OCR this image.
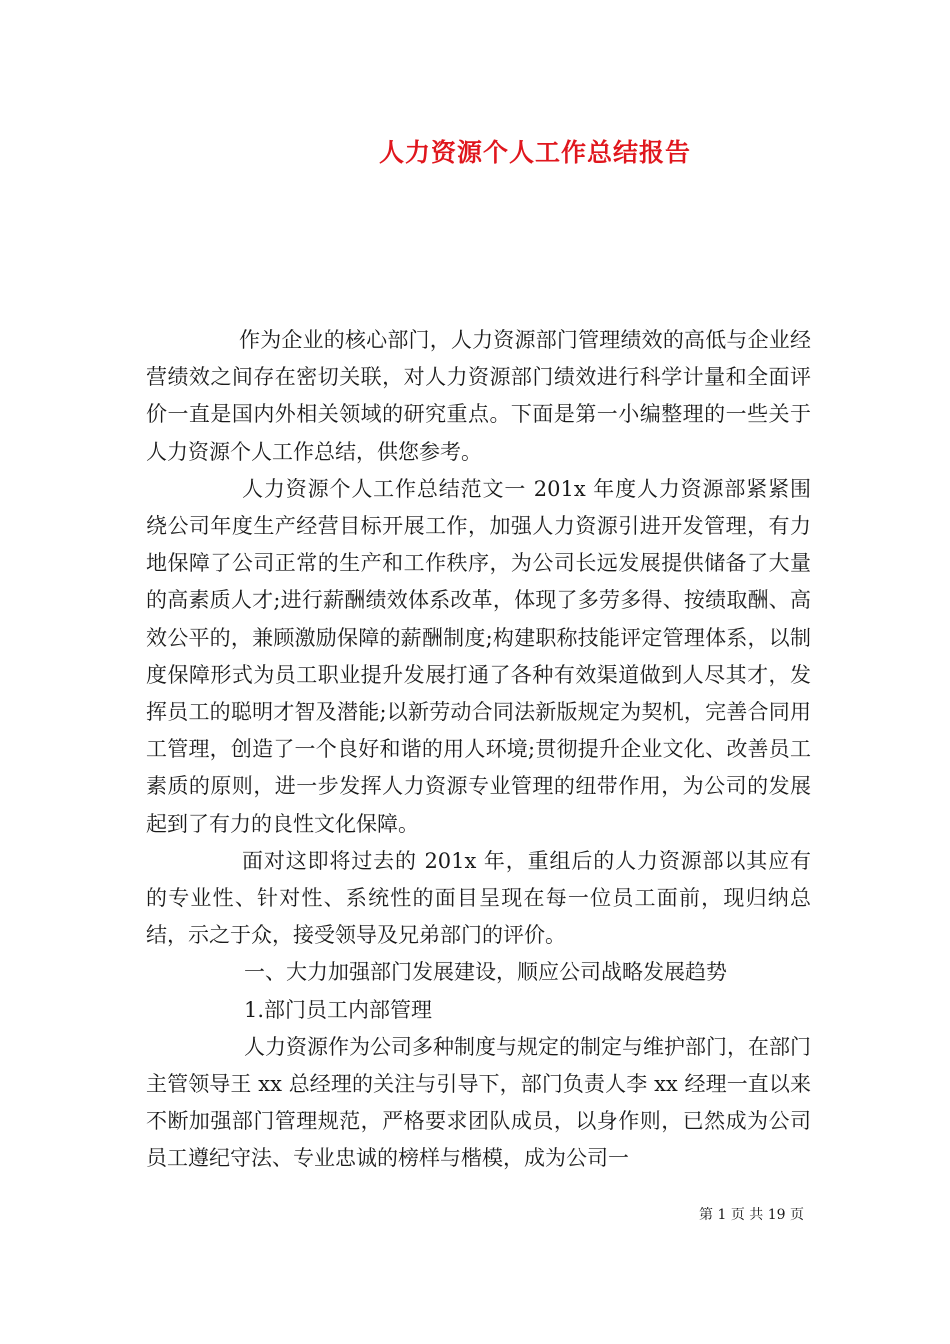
人力资源个人工作总结报告

作为企业的核心部门，人力资源部门管理绩效的高低与企业经营绩效之间存在密切关联，对人力资源部门绩效进行科学计量和全面评价一直是国内外相关领域的研究重点。下面是第一小编整理的一些关于人力资源个人工作总结，供您参考。

人力资源个人工作总结范文一 201x 年度人力资源部紧紧围绕公司年度生产经营目标开展工作，加强人力资源引进开发管理，有力地保障了公司正常的生产和工作秩序，为公司长远发展提供储备了大量的高素质人才;进行薪酬绩效体系改革，体现了多劳多得、按绩取酬、高效公平的，兼顾激励保障的薪酬制度;构建职称技能评定管理体系，以制度保障形式为员工职业提升发展打通了各种有效渠道做到人尽其才，发挥员工的聪明才智及潜能;以新劳动合同法新版规定为契机，完善合同用工管理，创造了一个良好和谐的用人环境;贯彻提升企业文化、改善员工素质的原则，进一步发挥人力资源专业管理的纽带作用，为公司的发展起到了有力的良性文化保障。

面对这即将过去的 201x 年，重组后的人力资源部以其应有的专业性、针对性、系统性的面目呈现在每一位员工面前，现归纳总结，示之于众，接受领导及兄弟部门的评价。

一、大力加强部门发展建设，顺应公司战略发展趋势

1.部门员工内部管理

人力资源作为公司多种制度与规定的制定与维护部门，在部门主管领导王 xx 总经理的关注与引导下，部门负责人李 xx 经理一直以来不断加强部门管理规范，严格要求团队成员，以身作则，已然成为公司员工遵纪守法、专业忠诚的榜样与楷模，成为公司一

第 1 页 共 19 页
